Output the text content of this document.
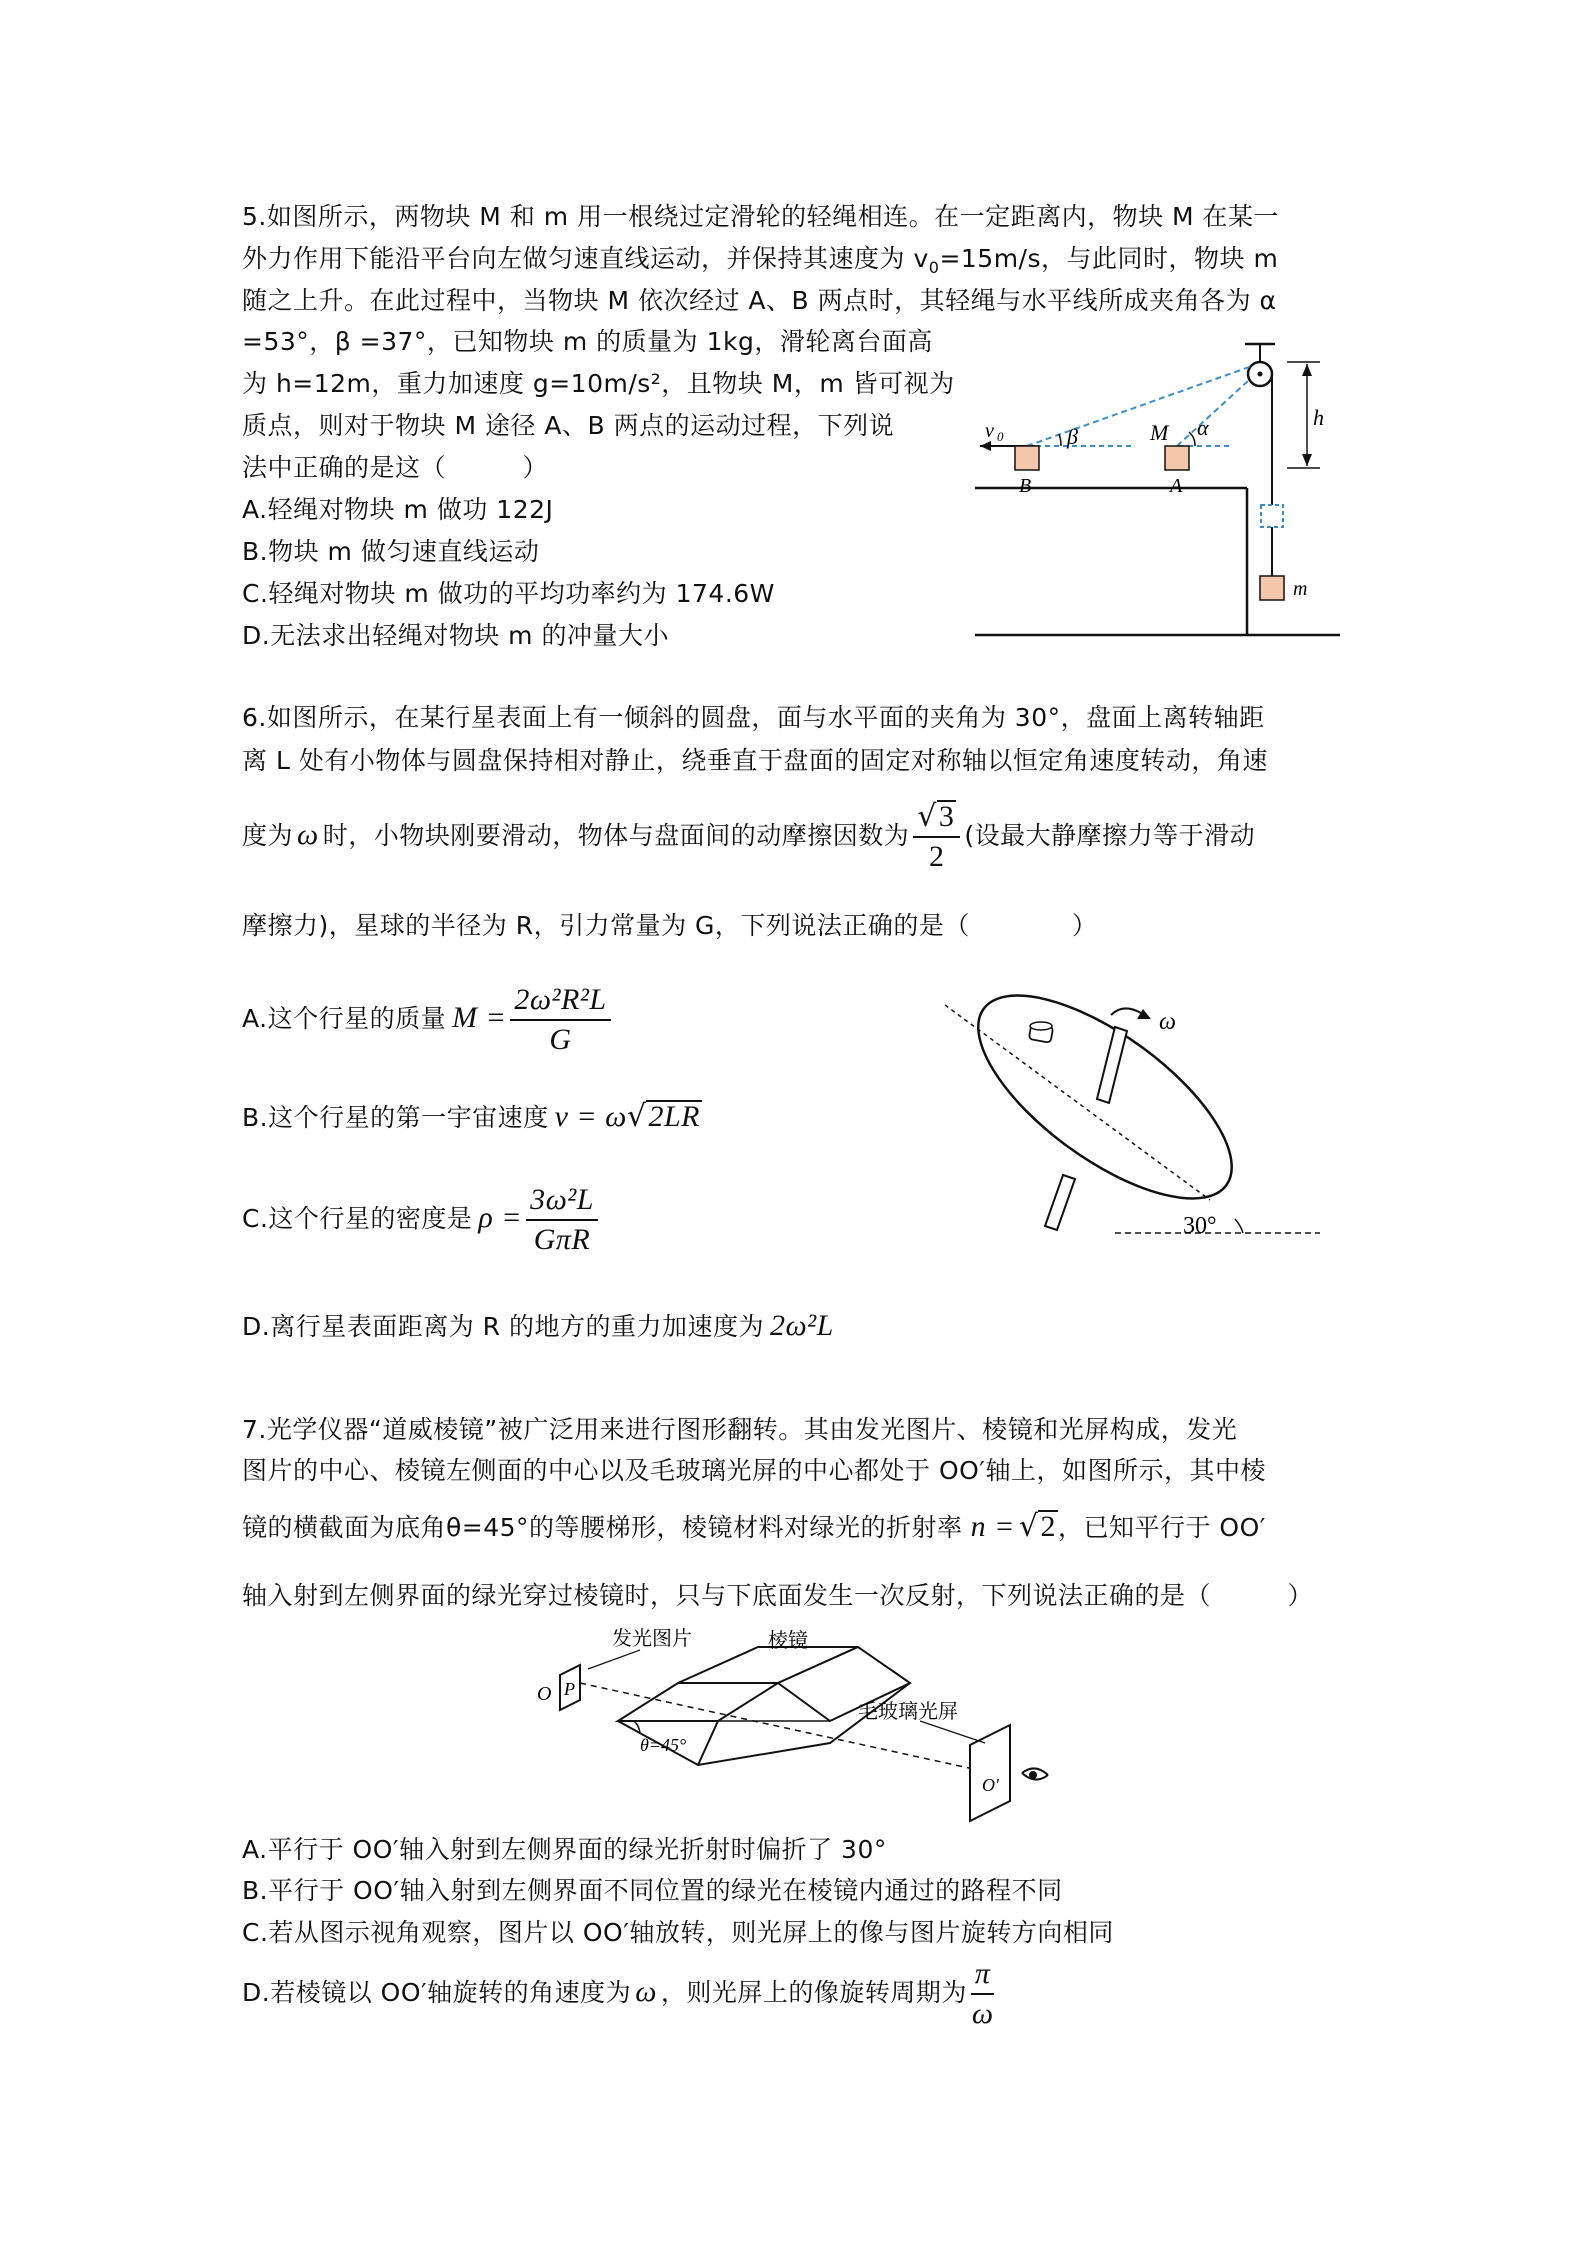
5.如图所示，两物块 M 和 m 用一根绕过定滑轮的轻绳相连。在一定距离内，物块 M 在某一
外力作用下能沿平台向左做匀速直线运动，并保持其速度为 $v_0=15m/s$，与此同时，物块 m
随之上升。在此过程中，当物块 M 依次经过 A、B 两点时，其轻绳与水平线所成夹角各为 α
=53°，β =37°，已知物块 m 的质量为 1kg，滑轮离台面高
为 h=12m，重力加速度 g=10m/s²，且物块 M，m 皆可视为
质点，则对于物块 M 途径 A、B 两点的运动过程，下列说
法中正确的是这（　　　）
A.轻绳对物块 m 做功 122J
B.物块 m 做匀速直线运动
C.轻绳对物块 m 做功的平均功率约为 174.6W
D.无法求出轻绳对物块 m 的冲量大小
v 0	β	α
M
B	A
h
m
6.如图所示，在某行星表面上有一倾斜的圆盘，面与水平面的夹角为 30°，盘面上离转轴距
离 L 处有小物体与圆盘保持相对静止，绕垂直于盘面的固定对称轴以恒定角速度转动，角速
度为 ω 时，小物块刚要滑动，物体与盘面间的动摩擦因数为 $\frac{√3}{2}$ (设最大静摩擦力等于滑动
摩擦力)，星球的半径为 R，引力常量为 G，下列说法正确的是（　　　　）
A.这个行星的质量 $M = \frac{\text{2ω²R²L}}{G}$
B.这个行星的第一宇宙速度 v = ω√2LR
C.这个行星的密度是 $\rho = \frac{\text{3ω²L}}{\text{GπR}}$
D.离行星表面距离为 R 的地方的重力加速度为 2ω²L
ω
30°
7.光学仪器“道威棱镜”被广泛用来进行图形翻转。其由发光图片、棱镜和光屏构成，发光
图片的中心、棱镜左侧面的中心以及毛玻璃光屏的中心都处于 OO′轴上，如图所示，其中棱
镜的横截面为底角θ=45°的等腰梯形，棱镜材料对绿光的折射率 n = √2，已知平行于 OO′
轴入射到左侧界面的绿光穿过棱镜时，只与下底面发生一次反射，下列说法正确的是（　　　）
O P
θ=45°
O′
发光图片	棱镜
毛玻璃光屏
A.平行于 OO′轴入射到左侧界面的绿光折射时偏折了 30°
B.平行于 OO′轴入射到左侧界面不同位置的绿光在棱镜内通过的路程不同
C.若从图示视角观察，图片以 OO′轴放转，则光屏上的像与图片旋转方向相同
D.若棱镜以 OO′轴旋转的角速度为 ω ，则光屏上的像旋转周期为 $\frac{\pi}{\omega}$
